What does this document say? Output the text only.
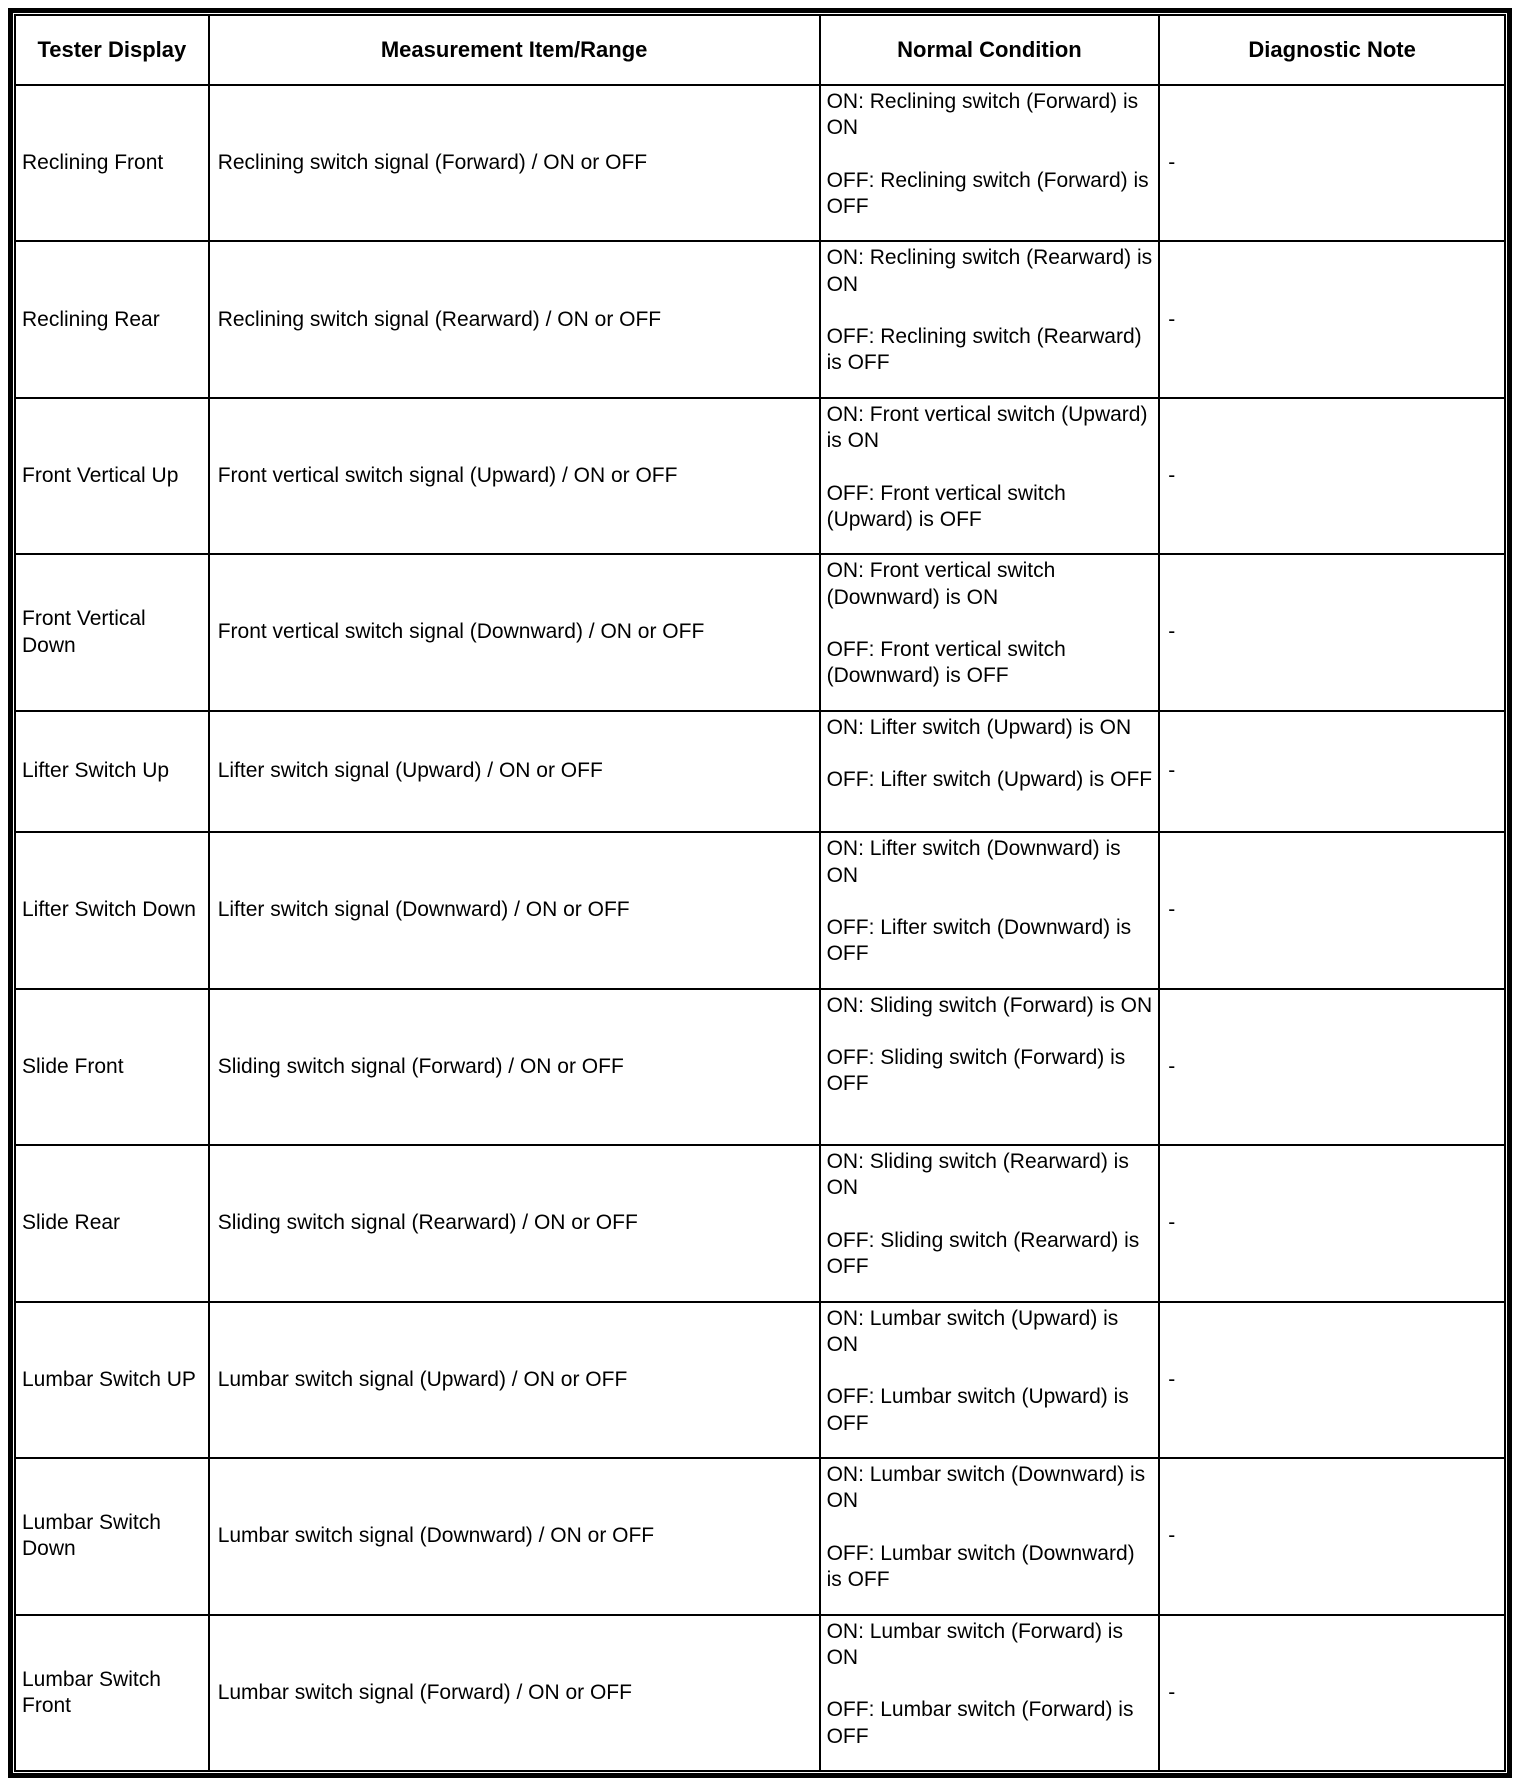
Tester Display	Measurement Item/Range	Normal Condition	Diagnostic Note
Reclining Front	Reclining switch signal (Forward) / ON or OFF	ON: Reclining switch (Forward) is ON

OFF: Reclining switch (Forward) is OFF	-
Reclining Rear	Reclining switch signal (Rearward) / ON or OFF	ON: Reclining switch (Rearward) is ON

OFF: Reclining switch (Rearward) is OFF	-
Front Vertical Up	Front vertical switch signal (Upward) / ON or OFF	ON: Front vertical switch (Upward) is ON

OFF: Front vertical switch (Upward) is OFF	-
Front Vertical Down	Front vertical switch signal (Downward) / ON or OFF	ON: Front vertical switch (Downward) is ON

OFF: Front vertical switch (Downward) is OFF	-
Lifter Switch Up	Lifter switch signal (Upward) / ON or OFF	ON: Lifter switch (Upward) is ON

OFF: Lifter switch (Upward) is OFF	-
Lifter Switch Down	Lifter switch signal (Downward) / ON or OFF	ON: Lifter switch (Downward) is ON

OFF: Lifter switch (Downward) is OFF	-
Slide Front	Sliding switch signal (Forward) / ON or OFF	ON: Sliding switch (Forward) is ON

OFF: Sliding switch (Forward) is OFF	-
Slide Rear	Sliding switch signal (Rearward) / ON or OFF	ON: Sliding switch (Rearward) is ON

OFF: Sliding switch (Rearward) is OFF	-
Lumbar Switch UP	Lumbar switch signal (Upward) / ON or OFF	ON: Lumbar switch (Upward) is ON

OFF: Lumbar switch (Upward) is OFF	-
Lumbar Switch Down	Lumbar switch signal (Downward) / ON or OFF	ON: Lumbar switch (Downward) is ON

OFF: Lumbar switch (Downward) is OFF	-
Lumbar Switch Front	Lumbar switch signal (Forward) / ON or OFF	ON: Lumbar switch (Forward) is ON

OFF: Lumbar switch (Forward) is OFF	-
